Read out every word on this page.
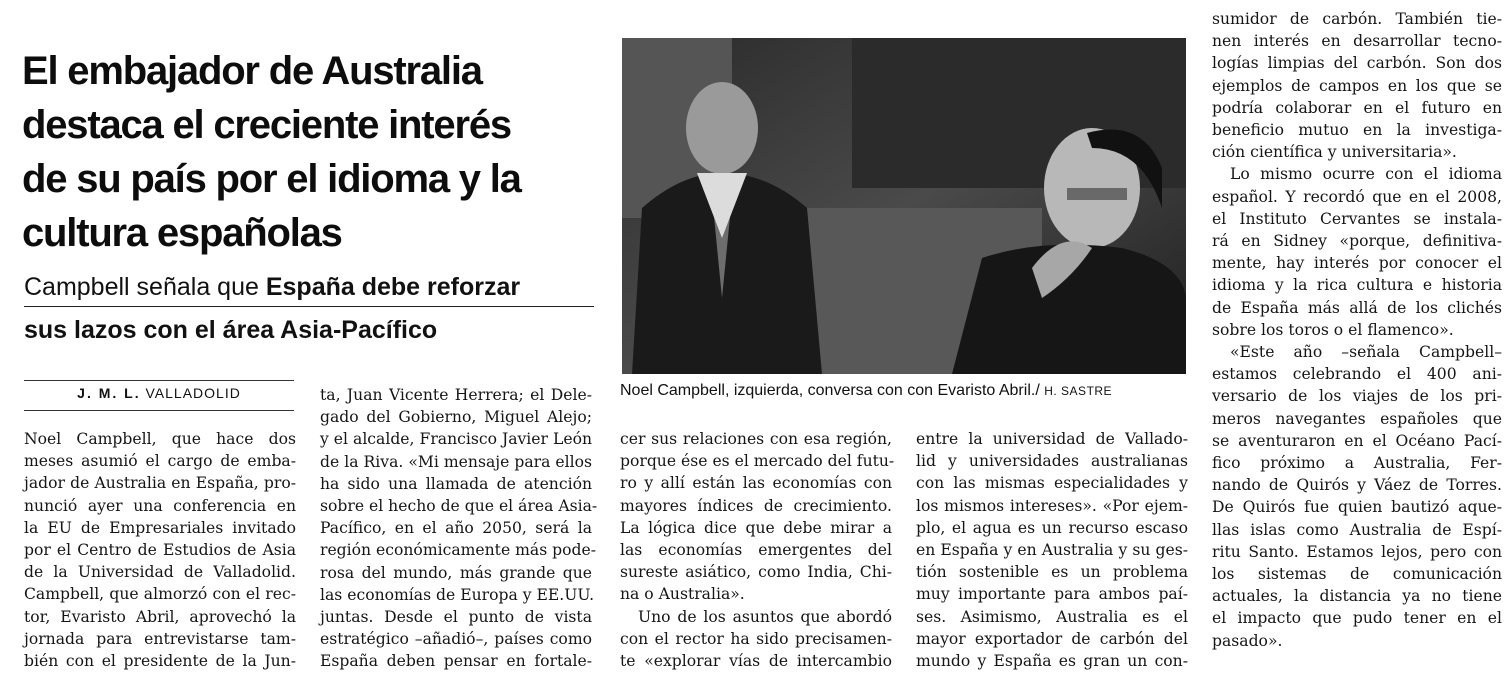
El embajador de Australia
destaca el creciente interés
de su país por el idioma y la
cultura españolas
Campbell señala que España debe reforzar
sus lazos con el área Asia-Pacífico
J. M. L. VALLADOLID
Noel Campbell, que hace dos
meses asumió el cargo de emba-
jador de Australia en España, pro-
nunció ayer una conferencia en
la EU de Empresariales invitado
por el Centro de Estudios de Asia
de la Universidad de Valladolid.
Campbell, que almorzó con el rec-
tor, Evaristo Abril, aprovechó la
jornada para entrevistarse tam-
bién con el presidente de la Jun-
ta, Juan Vicente Herrera; el Dele-
gado del Gobierno, Miguel Alejo;
y el alcalde, Francisco Javier León
de la Riva. «Mi mensaje para ellos
ha sido una llamada de atención
sobre el hecho de que el área Asia-
Pacífico, en el año 2050, será la
región económicamente más pode-
rosa del mundo, más grande que
las economías de Europa y EE.UU.
juntas. Desde el punto de vista
estratégico –añadió–, países como
España deben pensar en fortale-
Noel Campbell, izquierda, conversa con con Evaristo Abril./ H. SASTRE
cer sus relaciones con esa región,
porque ése es el mercado del futu-
ro y allí están las economías con
mayores índices de crecimiento.
La lógica dice que debe mirar a
las economías emergentes del
sureste asiático, como India, Chi-
na o Australia».
Uno de los asuntos que abordó
con el rector ha sido precisamen-
te «explorar vías de intercambio
entre la universidad de Vallado-
lid y universidades australianas
con las mismas especialidades y
los mismos intereses». «Por ejem-
plo, el agua es un recurso escaso
en España y en Australia y su ges-
tión sostenible es un problema
muy importante para ambos paí-
ses. Asimismo, Australia es el
mayor exportador de carbón del
mundo y España es gran un con-
sumidor de carbón. También tie-
nen interés en desarrollar tecno-
logías limpias del carbón. Son dos
ejemplos de campos en los que se
podría colaborar en el futuro en
beneficio mutuo en la investiga-
ción científica y universitaria».
Lo mismo ocurre con el idioma
español. Y recordó que en el 2008,
el Instituto Cervantes se instala-
rá en Sidney «porque, definitiva-
mente, hay interés por conocer el
idioma y la rica cultura e historia
de España más allá de los clichés
sobre los toros o el flamenco».
«Este año –señala Campbell–
estamos celebrando el 400 ani-
versario de los viajes de los pri-
meros navegantes españoles que
se aventuraron en el Océano Pací-
fico próximo a Australia, Fer-
nando de Quirós y Váez de Torres.
De Quirós fue quien bautizó aque-
llas islas como Australia de Espí-
ritu Santo. Estamos lejos, pero con
los sistemas de comunicación
actuales, la distancia ya no tiene
el impacto que pudo tener en el
pasado».
